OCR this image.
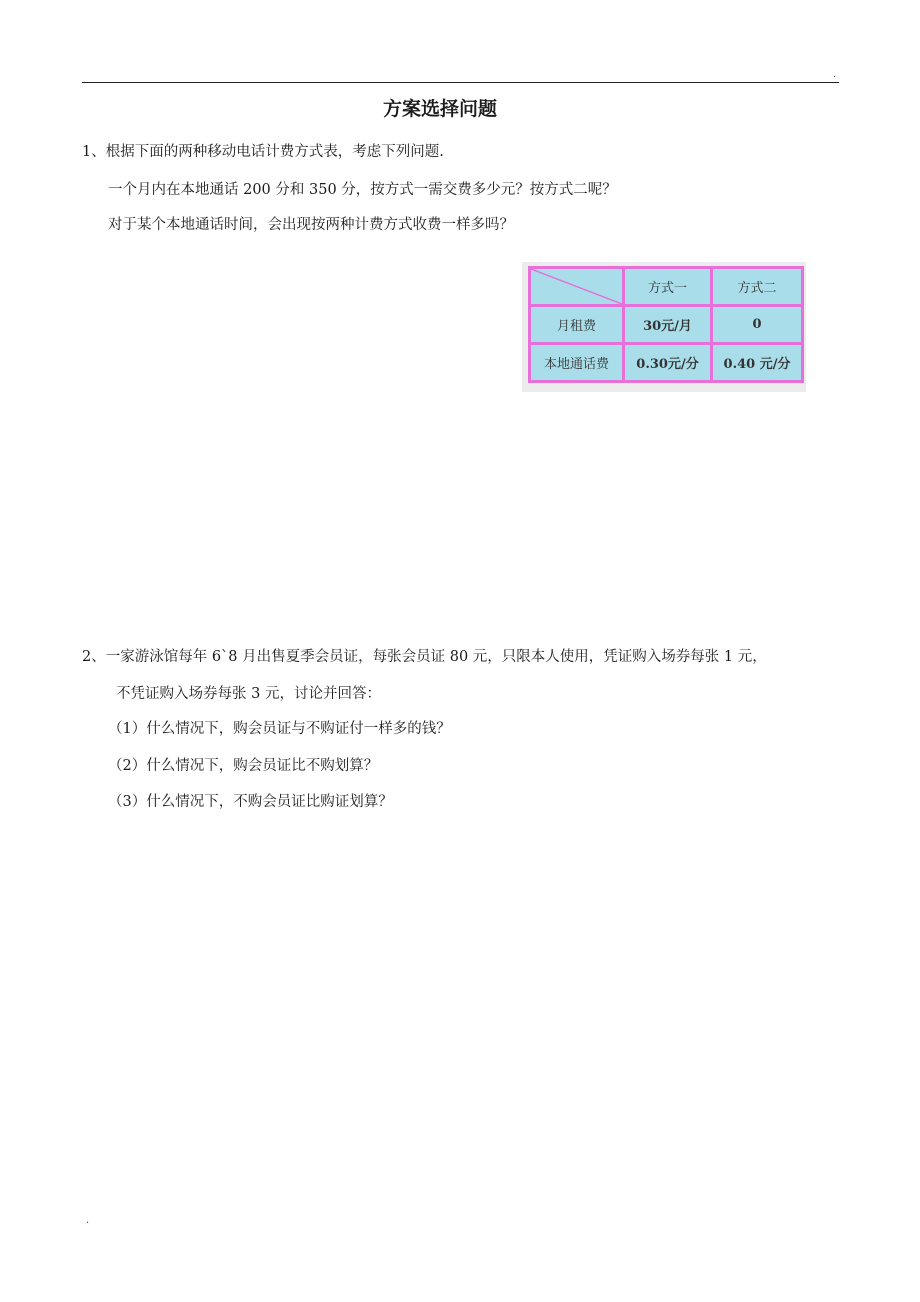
.
方案选择问题
1、根据下面的两种移动电话计费方式表，考虑下列问题.
一个月内在本地通话 200 分和 350 分，按方式一需交费多少元？按方式二呢？
对于某个本地通话时间，会出现按两种计费方式收费一样多吗？
	方式一	方式二
月租费	30元/月	0
本地通话费	0.30元/分	0.40 元/分
2、一家游泳馆每年 6`8 月出售夏季会员证，每张会员证 80 元，只限本人使用，凭证购入场券每张 1 元，
不凭证购入场券每张 3 元，讨论并回答：
（1）什么情况下，购会员证与不购证付一样多的钱？
（2）什么情况下，购会员证比不购划算？
（3）什么情况下，不购会员证比购证划算？
.
